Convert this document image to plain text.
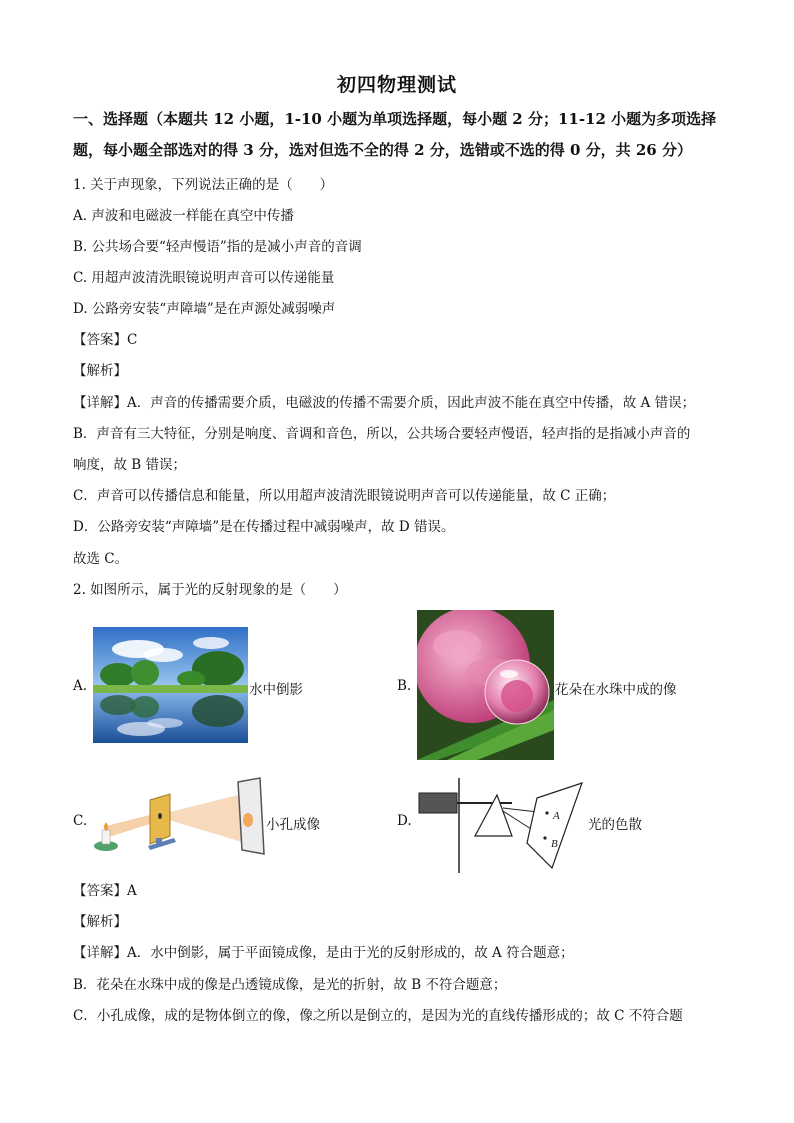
初四物理测试
一、选择题（本题共 12 小题，1-10 小题为单项选择题，每小题 2 分；11-12 小题为多项选择
题，每小题全部选对的得 3 分，选对但选不全的得 2 分，选错或不选的得 0 分，共 26 分）
1. 关于声现象，下列说法正确的是（　　）
A. 声波和电磁波一样能在真空中传播
B. 公共场合要“轻声慢语”指的是减小声音的音调
C. 用超声波清洗眼镜说明声音可以传递能量
D. 公路旁安装“声障墙”是在声源处减弱噪声
【答案】C
【解析】
【详解】A．声音的传播需要介质，电磁波的传播不需要介质，因此声波不能在真空中传播，故 A 错误；
B．声音有三大特征，分别是响度、音调和音色，所以，公共场合要轻声慢语，轻声指的是指减小声音的
响度，故 B 错误；
C．声音可以传播信息和能量，所以用超声波清洗眼镜说明声音可以传递能量，故 C 正确；
D．公路旁安装“声障墙”是在传播过程中减弱噪声，故 D 错误。
故选 C。
2. 如图所示，属于光的反射现象的是（　　）
A.	水中倒影	B.	花朵在水珠中成的像
C.	小孔成像	D.	A
B
光的色散
【答案】A
【解析】
【详解】A．水中倒影，属于平面镜成像，是由于光的反射形成的，故 A 符合题意；
B．花朵在水珠中成的像是凸透镜成像，是光的折射，故 B 不符合题意；
C．小孔成像，成的是物体倒立的像，像之所以是倒立的，是因为光的直线传播形成的；故 C 不符合题
